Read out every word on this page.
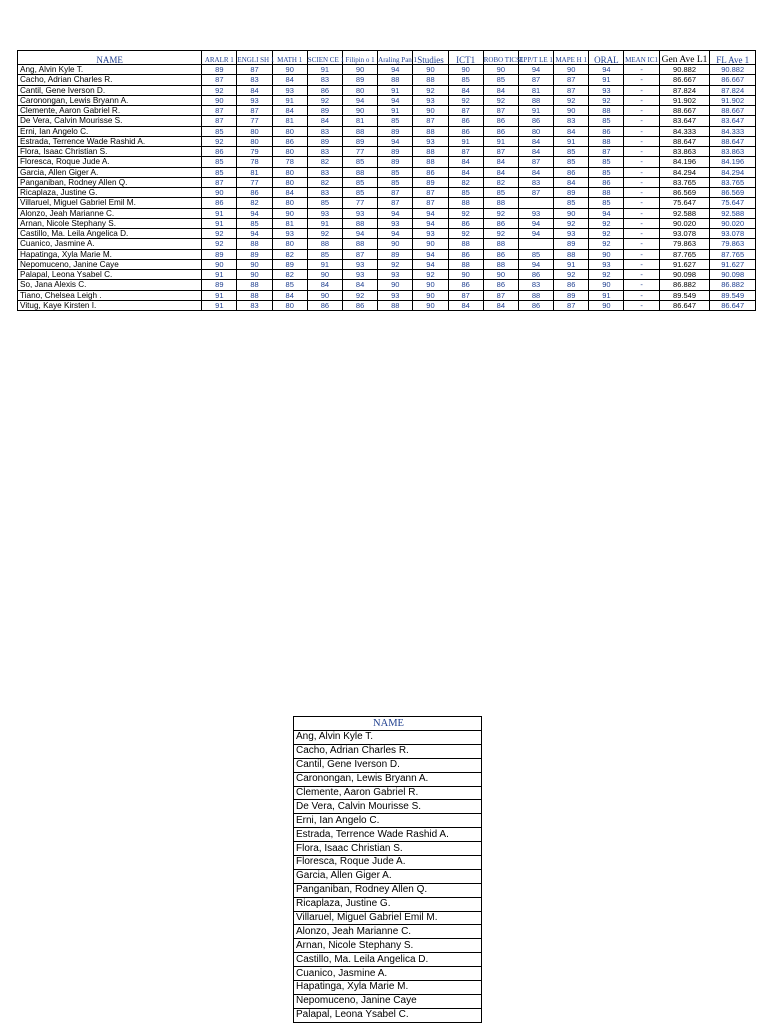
NAME	ARALR 1	ENGLI SH 1	MATH 1	SCIEN CE 1	Filipin o 1	Araling Pan 1	Studies	ICT1	ROBO TICS1	EPP/T LE 1	MAPE H 1	ORAL	MEAN IC1	Gen Ave L1	FL Ave 1
Ang, Alvin Kyle T.	89	87	90	91	90	94	90	90	90	94	90	94	-	90.882	90.882
Cacho, Adrian Charles R.	87	83	84	83	89	88	88	85	85	87	87	91	-	86.667	86.667
Cantil, Gene Iverson D.	92	84	93	86	80	91	92	84	84	81	87	93	-	87.824	87.824
Caronongan, Lewis Bryann A.	90	93	91	92	94	94	93	92	92	88	92	92	-	91.902	91.902
Clemente, Aaron Gabriel R.	87	87	84	89	90	91	90	87	87	91	90	88	-	88.667	88.667
De Vera, Calvin Mourisse S.	87	77	81	84	81	85	87	86	86	86	83	85	-	83.647	83.647
Erni, Ian Angelo C.	85	80	80	83	88	89	88	86	86	80	84	86	-	84.333	84.333
Estrada, Terrence Wade Rashid A.	92	80	86	89	89	94	93	91	91	84	91	88	-	88.647	88.647
Flora, Isaac Christian S.	86	79	80	83	77	89	88	87	87	84	85	87	-	83.863	83.863
Floresca, Roque Jude A.	85	78	78	82	85	89	88	84	84	87	85	85	-	84.196	84.196
Garcia, Allen Giger A.	85	81	80	83	88	85	86	84	84	84	86	85	-	84.294	84.294
Panganiban, Rodney Allen Q.	87	77	80	82	85	85	89	82	82	83	84	86	-	83.765	83.765
Ricaplaza, Justine G.	90	86	84	83	85	87	87	85	85	87	89	88	-	86.569	86.569
Villaruel, Miguel Gabriel Emil M.	86	82	80	85	77	87	87	88	88		85	85	-	75.647	75.647
Alonzo, Jeah Marianne C.	91	94	90	93	93	94	94	92	92	93	90	94	-	92.588	92.588
Arnan, Nicole Stephany S.	91	85	81	91	88	93	94	86	86	94	92	92	-	90.020	90.020
Castillo, Ma. Leila Angelica D.	92	94	93	92	94	94	93	92	92	94	93	92	-	93.078	93.078
Cuanico, Jasmine A.	92	88	80	88	88	90	90	88	88		89	92	-	79.863	79.863
Hapatinga, Xyla Marie M.	89	89	82	85	87	89	94	86	86	85	88	90	-	87.765	87.765
Nepomuceno, Janine Caye	90	90	89	91	93	92	94	88	88	94	91	93	-	91.627	91.627
Palapal, Leona Ysabel C.	91	90	82	90	93	93	92	90	90	86	92	92	-	90.098	90.098
So, Jana Alexis C.	89	88	85	84	84	90	90	86	86	83	86	90	-	86.882	86.882
Tiano, Chelsea Leigh .	91	88	84	90	92	93	90	87	87	88	89	91	-	89.549	89.549
Vitug, Kaye Kirsten I.	91	83	80	86	86	88	90	84	84	86	87	90	-	86.647	86.647
NAME
Ang, Alvin Kyle T.
Cacho, Adrian Charles R.
Cantil, Gene Iverson D.
Caronongan, Lewis Bryann A.
Clemente, Aaron Gabriel R.
De Vera, Calvin Mourisse S.
Erni, Ian Angelo C.
Estrada, Terrence Wade Rashid A.
Flora, Isaac Christian S.
Floresca, Roque Jude A.
Garcia, Allen Giger A.
Panganiban, Rodney Allen Q.
Ricaplaza, Justine G.
Villaruel, Miguel Gabriel Emil M.
Alonzo, Jeah Marianne C.
Arnan, Nicole Stephany S.
Castillo, Ma. Leila Angelica D.
Cuanico, Jasmine A.
Hapatinga, Xyla Marie M.
Nepomuceno, Janine Caye
Palapal, Leona Ysabel C.
